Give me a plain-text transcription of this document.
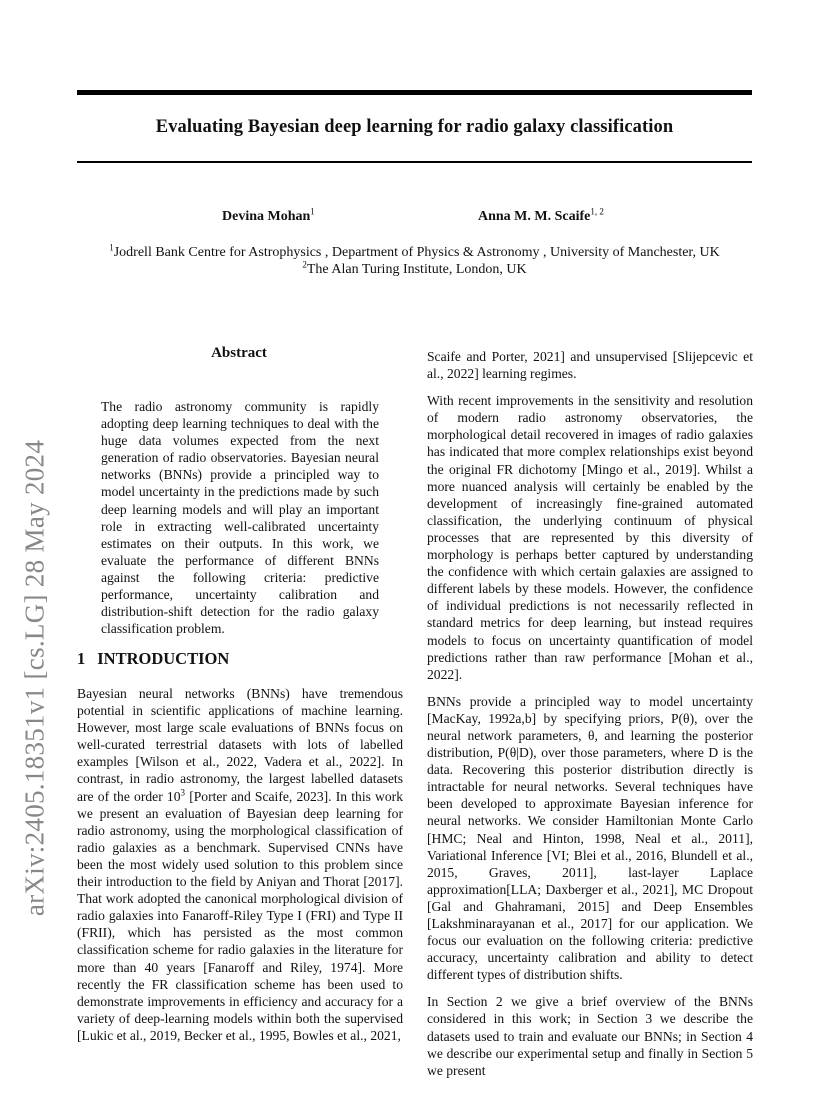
Evaluating Bayesian deep learning for radio galaxy classification
Devina Mohan$^1$	Anna M. M. Scaife$^{1, 2}$
$^1$Jodrell Bank Centre for Astrophysics , Department of Physics & Astronomy , University of Manchester, UK
$^2$The Alan Turing Institute, London, UK
arXiv:2405.18351v1 [cs.LG] 28 May 2024
Abstract

The radio astronomy community is rapidly adopting deep learning techniques to deal with the huge data volumes expected from the next generation of radio observatories. Bayesian neural networks (BNNs) provide a principled way to model uncertainty in the predictions made by such deep learning models and will play an important role in extracting well-calibrated uncertainty estimates on their outputs. In this work, we evaluate the performance of different BNNs against the following criteria: predictive performance, uncertainty calibration and distribution-shift detection for the radio galaxy classification problem.

1 INTRODUCTION

Bayesian neural networks (BNNs) have tremendous potential in scientific applications of machine learning. However, most large scale evaluations of BNNs focus on well-curated terrestrial datasets with lots of labelled examples [Wilson et al., 2022, Vadera et al., 2022]. In contrast, in radio astronomy, the largest labelled datasets are of the order $10^3$ [Porter and Scaife, 2023]. In this work we present an evaluation of Bayesian deep learning for radio astronomy, using the morphological classification of radio galaxies as a benchmark. Supervised CNNs have been the most widely used solution to this problem since their introduction to the field by Aniyan and Thorat [2017]. That work adopted the canonical morphological division of radio galaxies into Fanaroff-Riley Type I (FRI) and Type II (FRII), which has persisted as the most common classification scheme for radio galaxies in the literature for more than 40 years [Fanaroff and Riley, 1974]. More recently the FR classification scheme has been used to demonstrate improvements in efficiency and accuracy for a variety of deep-learning models within both the supervised [Lukic et al., 2019, Becker et al., 1995, Bowles et al., 2021,

Scaife and Porter, 2021] and unsupervised [Slijepcevic et al., 2022] learning regimes.

With recent improvements in the sensitivity and resolution of modern radio astronomy observatories, the morphological detail recovered in images of radio galaxies has indicated that more complex relationships exist beyond the original FR dichotomy [Mingo et al., 2019]. Whilst a more nuanced analysis will certainly be enabled by the development of increasingly fine-grained automated classification, the underlying continuum of physical processes that are represented by this diversity of morphology is perhaps better captured by understanding the confidence with which certain galaxies are assigned to different labels by these models. However, the confidence of individual predictions is not necessarily reflected in standard metrics for deep learning, but instead requires models to focus on uncertainty quantification of model predictions rather than raw performance [Mohan et al., 2022].

BNNs provide a principled way to model uncertainty [MacKay, 1992a,b] by specifying priors, P(θ), over the neural network parameters, θ, and learning the posterior distribution, P(θ|D), over those parameters, where D is the data. Recovering this posterior distribution directly is intractable for neural networks. Several techniques have been developed to approximate Bayesian inference for neural networks. We consider Hamiltonian Monte Carlo [HMC; Neal and Hinton, 1998, Neal et al., 2011], Variational Inference [VI; Blei et al., 2016, Blundell et al., 2015, Graves, 2011], last-layer Laplace approximation[LLA; Daxberger et al., 2021], MC Dropout [Gal and Ghahramani, 2015] and Deep Ensembles [Lakshminarayanan et al., 2017] for our application. We focus our evaluation on the following criteria: predictive accuracy, uncertainty calibration and ability to detect different types of distribution shifts.

In Section 2 we give a brief overview of the BNNs considered in this work; in Section 3 we describe the datasets used to train and evaluate our BNNs; in Section 4 we describe our experimental setup and finally in Section 5 we present
